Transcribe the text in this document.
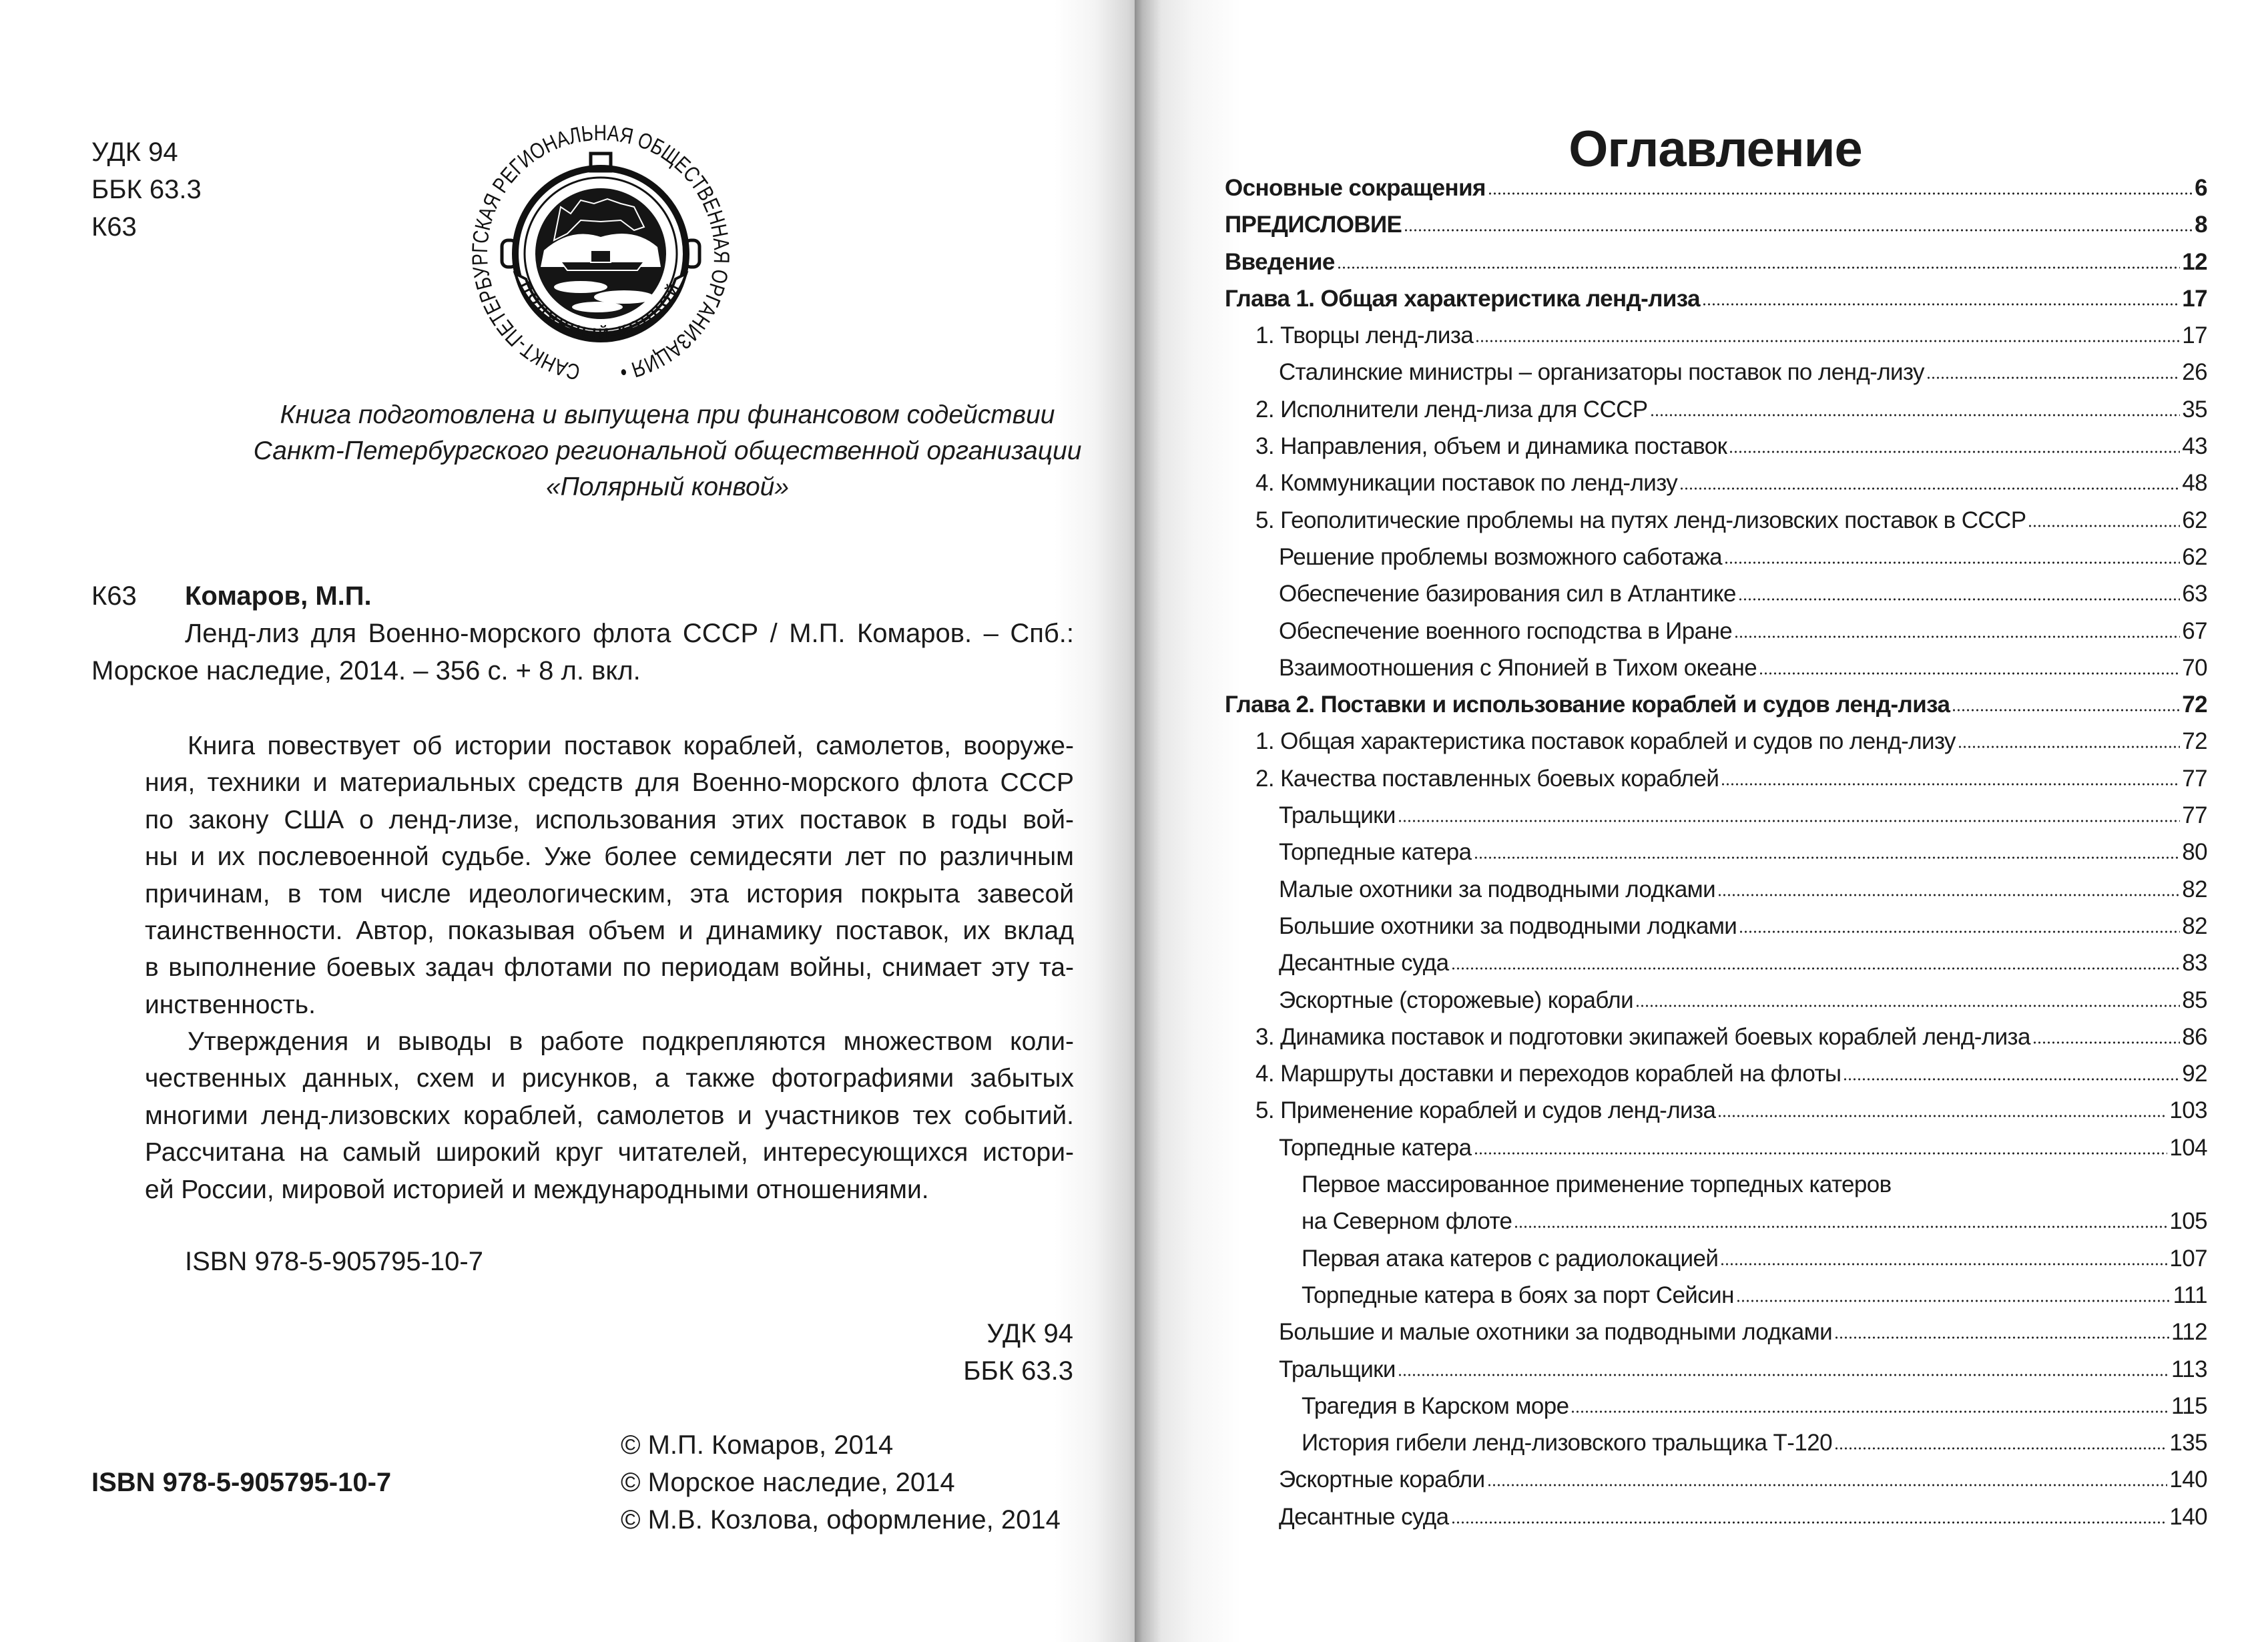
УДК 94
ББК 63.3
К63
САНКТ-ПЕТЕРБУРГСКАЯ РЕГИОНАЛЬНАЯ ОБЩЕСТВЕННАЯ ОРГАНИЗАЦИЯ •
ПОЛЯРНЫЙ КОНВОЙ
Книга подготовлена и выпущена при финансовом содействии
Санкт-Петербургского региональной общественной организации
«Полярный конвой»
К63 Комаров, М.П.
Ленд-лиз для Военно-морского флота СССР / М.П. Комаров. – Спб.:
Морское наследие, 2014. – 356 с. + 8 л. вкл.
Книга повествует об истории поставок кораблей, самолетов, вооруже-
ния, техники и материальных средств для Военно-морского флота СССР
по закону США о ленд-лизе, использования этих поставок в годы вой-
ны и их послевоенной судьбе. Уже более семидесяти лет по различным
причинам, в том числе идеологическим, эта история покрыта завесой
таинственности. Автор, показывая объем и динамику поставок, их вклад
в выполнение боевых задач флотами по периодам войны, снимает эту та-
инственность.
Утверждения и выводы в работе подкрепляются множеством коли-
чественных данных, схем и рисунков, а также фотографиями забытых
многими ленд-лизовских кораблей, самолетов и участников тех событий.
Рассчитана на самый широкий круг читателей, интересующихся истори-
ей России, мировой историей и международными отношениями.
ISBN 978-5-905795-10-7
УДК 94
ББК 63.3
ISBN 978-5-905795-10-7
© М.П. Комаров, 2014
© Морское наследие, 2014
© М.В. Козлова, оформление, 2014
Оглавление
Основные сокращения	6
ПРЕДИСЛОВИЕ	8
Введение	12
Глава 1. Общая характеристика ленд-лиза	17
1. Творцы ленд-лиза	17
Сталинские министры – организаторы поставок по ленд-лизу	26
2. Исполнители ленд-лиза для СССР	35
3. Направления, объем и динамика поставок	43
4. Коммуникации поставок по ленд-лизу	48
5. Геополитические проблемы на путях ленд-лизовских поставок в СССР	62
Решение проблемы возможного саботажа	62
Обеспечение базирования сил в Атлантике	63
Обеспечение военного господства в Иране	67
Взаимоотношения с Японией в Тихом океане	70
Глава 2. Поставки и использование кораблей и судов ленд-лиза	72
1. Общая характеристика поставок кораблей и судов по ленд-лизу	72
2. Качества поставленных боевых кораблей	77
Тральщики	77
Торпедные катера	80
Малые охотники за подводными лодками	82
Большие охотники за подводными лодками	82
Десантные суда	83
Эскортные (сторожевые) корабли	85
3. Динамика поставок и подготовки экипажей боевых кораблей ленд-лиза	86
4. Маршруты доставки и переходов кораблей на флоты	92
5. Применение кораблей и судов ленд-лиза	103
Торпедные катера	104
Первое массированное применение торпедных катеров
на Северном флоте	105
Первая атака катеров с радиолокацией	107
Торпедные катера в боях за порт Сейсин	111
Большие и малые охотники за подводными лодками	112
Тральщики	113
Трагедия в Карском море	115
История гибели ленд-лизовского тральщика Т-120	135
Эскортные корабли	140
Десантные суда	140
